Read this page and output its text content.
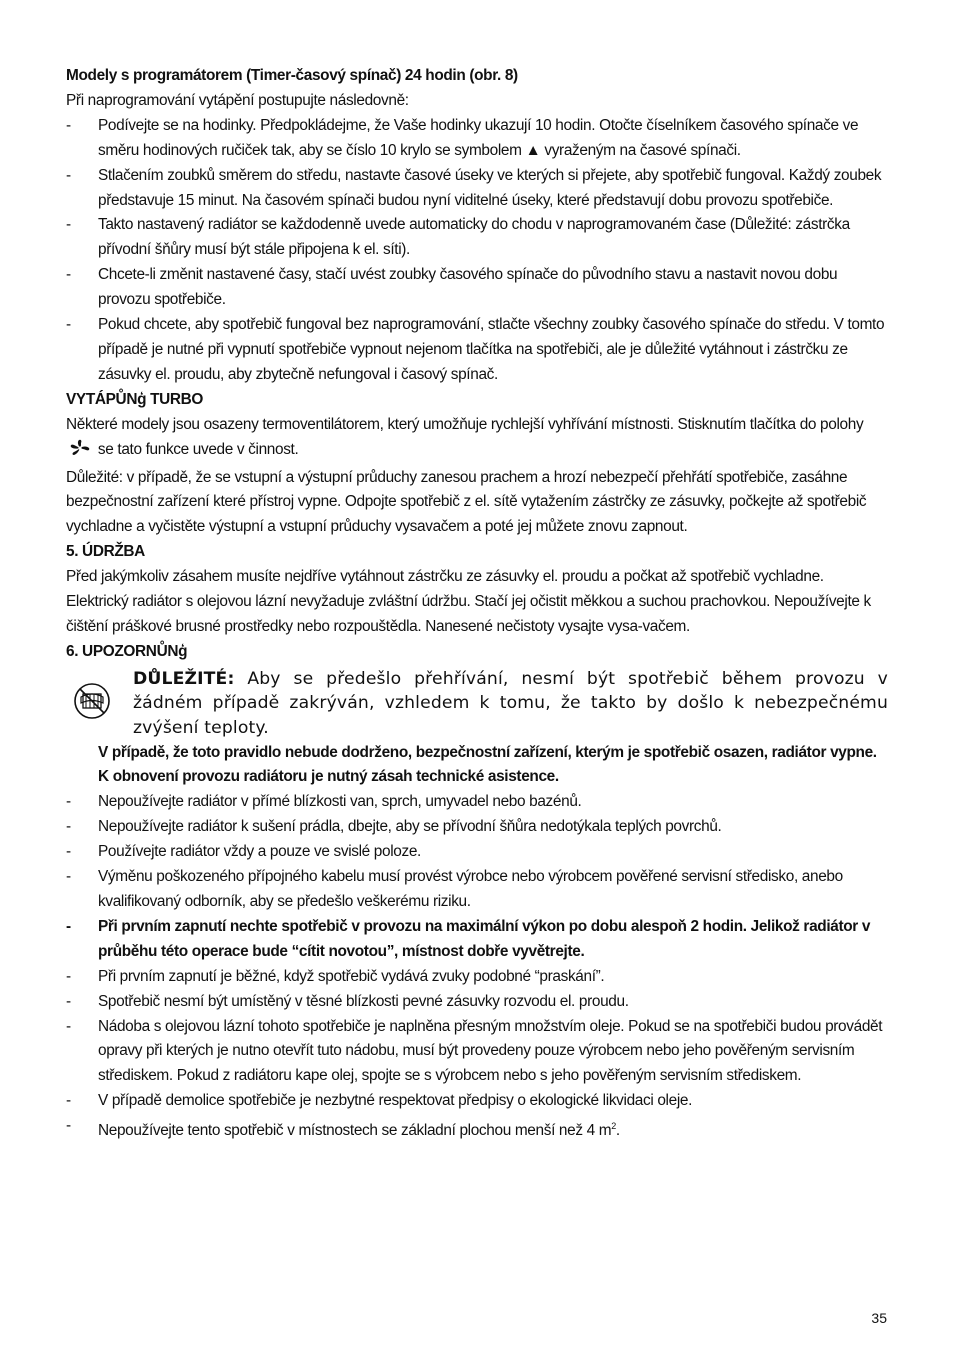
Modely s programátorem (Timer-časový spínač) 24 hodin (obr. 8)

Při naprogramování vytápění postupujte následovně:

- Podívejte se na hodinky. Předpokládejme, že Vaše hodinky ukazují 10 hodin. Otočte číselníkem časového spínače ve směru hodinových ručiček tak, aby se číslo 10 krylo se symbolem ▲ vyraženým na časové spínači.

- Stlačením zoubků směrem do středu, nastavte časové úseky ve kterých si přejete, aby spotřebič fungoval. Každý zoubek představuje 15 minut. Na časovém spínači budou nyní viditelné úseky, které představují dobu provozu spotřebiče.

- Takto nastavený radiátor se každodenně uvede automaticky do chodu v naprogramovaném čase (Důležité: zástrčka přívodní šňůry musí být stále připojena k el. síti).

- Chcete-li změnit nastavené časy, stačí uvést zoubky časového spínače do původního stavu a nastavit novou dobu provozu spotřebiče.

- Pokud chcete, aby spotřebič fungoval bez naprogramování, stlačte všechny zoubky časového spínače do středu. V tomto případě je nutné při vypnutí spotřebiče vypnout nejenom tlačítka na spotřebiči, ale je důležité vytáhnout i zástrčku ze zásuvky el. proudu, aby zbytečně nefungoval i časový spínač.

VYTÁPŮNģ TURBO

Některé modely jsou osazeny termoventilátorem, který umožňuje rychlejší vyhřívání místnosti. Stisknutím tlačítka do polohy  se tato funkce uvede v činnost.

Důležité: v případě, že se vstupní a výstupní průduchy zanesou prachem a hrozí nebezpečí přehřátí spotřebiče, zasáhne bezpečnostní zařízení které přístroj vypne. Odpojte spotřebič z el. sítě vytažením zástrčky ze zásuvky, počkejte až spotřebič vychladne a vyčistěte výstupní a vstupní průduchy vysavačem a poté jej můžete znovu zapnout.

5. ÚDRŽBA

Před jakýmkoliv zásahem musíte nejdříve vytáhnout zástrčku ze zásuvky el. proudu a počkat až spotřebič vychladne.

Elektrický radiátor s olejovou lázní nevyžaduje zvláštní údržbu. Stačí jej očistit měkkou a suchou prachovkou. Nepoužívejte k čištění práškové brusné prostředky nebo rozpouštědla. Nanesené nečistoty vysajte vysa-vačem.

6. UPOZORNŮNģ

DŮLEŽITÉ: Aby se předešlo přehřívání, nesmí být spotřebič během provozu v žádném případě zakrýván, vzhledem k tomu, že takto by došlo k nebezpečnému zvýšení teploty.

V případě, že toto pravidlo nebude dodrženo, bezpečnostní zařízení, kterým je spotřebič osazen, radiátor vypne. K obnovení provozu radiátoru je nutný zásah technické asistence.

- Nepoužívejte radiátor v přímé blízkosti van, sprch, umyvadel nebo bazénů.

- Nepoužívejte radiátor k sušení prádla, dbejte, aby se přívodní šňůra nedotýkala teplých povrchů.

- Používejte radiátor vždy a pouze ve svislé poloze.

- Výměnu poškozeného přípojného kabelu musí provést výrobce nebo výrobcem pověřené servisní středisko, anebo kvalifikovaný odborník, aby se předešlo veškerému riziku.

- Při prvním zapnutí nechte spotřebič v provozu na maximální výkon po dobu alespoň 2 hodin. Jelikož radiátor v průběhu této operace bude “cítit novotou”, místnost dobře vyvětrejte.

- Při prvním zapnutí je běžné, když spotřebič vydává zvuky podobné “praskání”.

- Spotřebič nesmí být umístěný v těsné blízkosti pevné zásuvky rozvodu el. proudu.

- Nádoba s olejovou lázní tohoto spotřebiče je naplněna přesným množstvím oleje. Pokud se na spotřebiči budou provádět opravy při kterých je nutno otevřít tuto nádobu, musí být provedeny pouze výrobcem nebo jeho pověřeným servisním střediskem. Pokud z radiátoru kape olej, spojte se s výrobcem nebo s jeho pověřeným servisním střediskem.

- V případě demolice spotřebiče je nezbytné respektovat předpisy o ekologické likvidaci oleje.

- Nepoužívejte tento spotřebič v místnostech se základní plochou menší než 4 $m^2$.

35
